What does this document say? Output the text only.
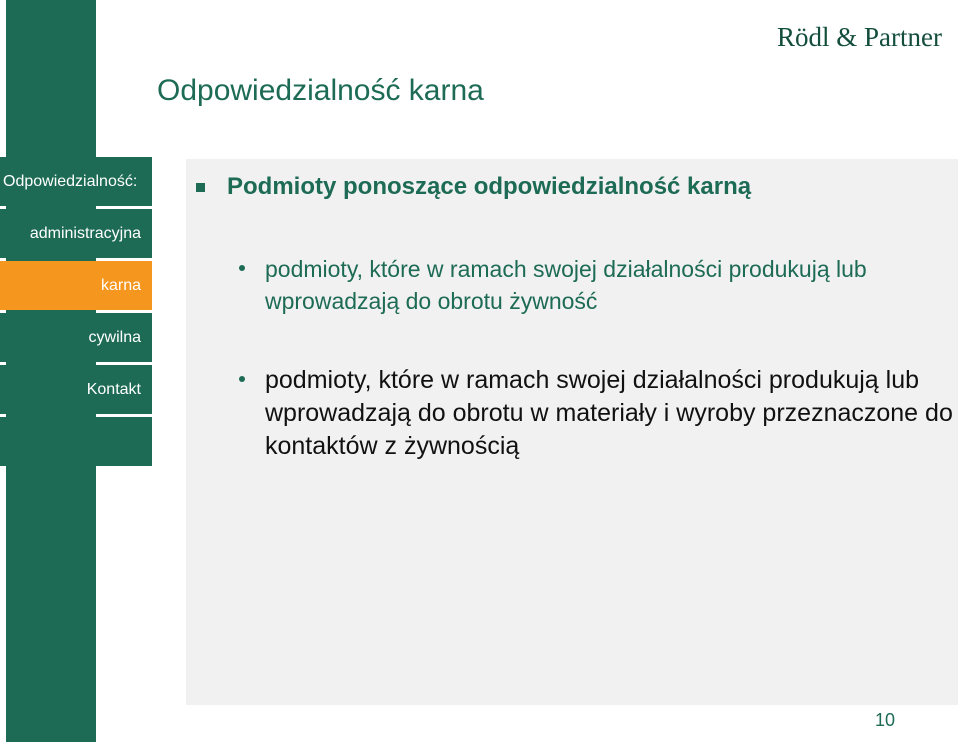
Rödl & Partner
Odpowiedzialność karna
Odpowiedzialność:
administracyjna
karna
cywilna
Kontakt
Podmioty ponoszące odpowiedzialność karną
podmioty, które w ramach swojej działalności produkują lub wprowadzają do obrotu żywność
podmioty, które w ramach swojej działalności produkują lub wprowadzają do obrotu w materiały i wyroby przeznaczone do kontaktów z żywnością
10
